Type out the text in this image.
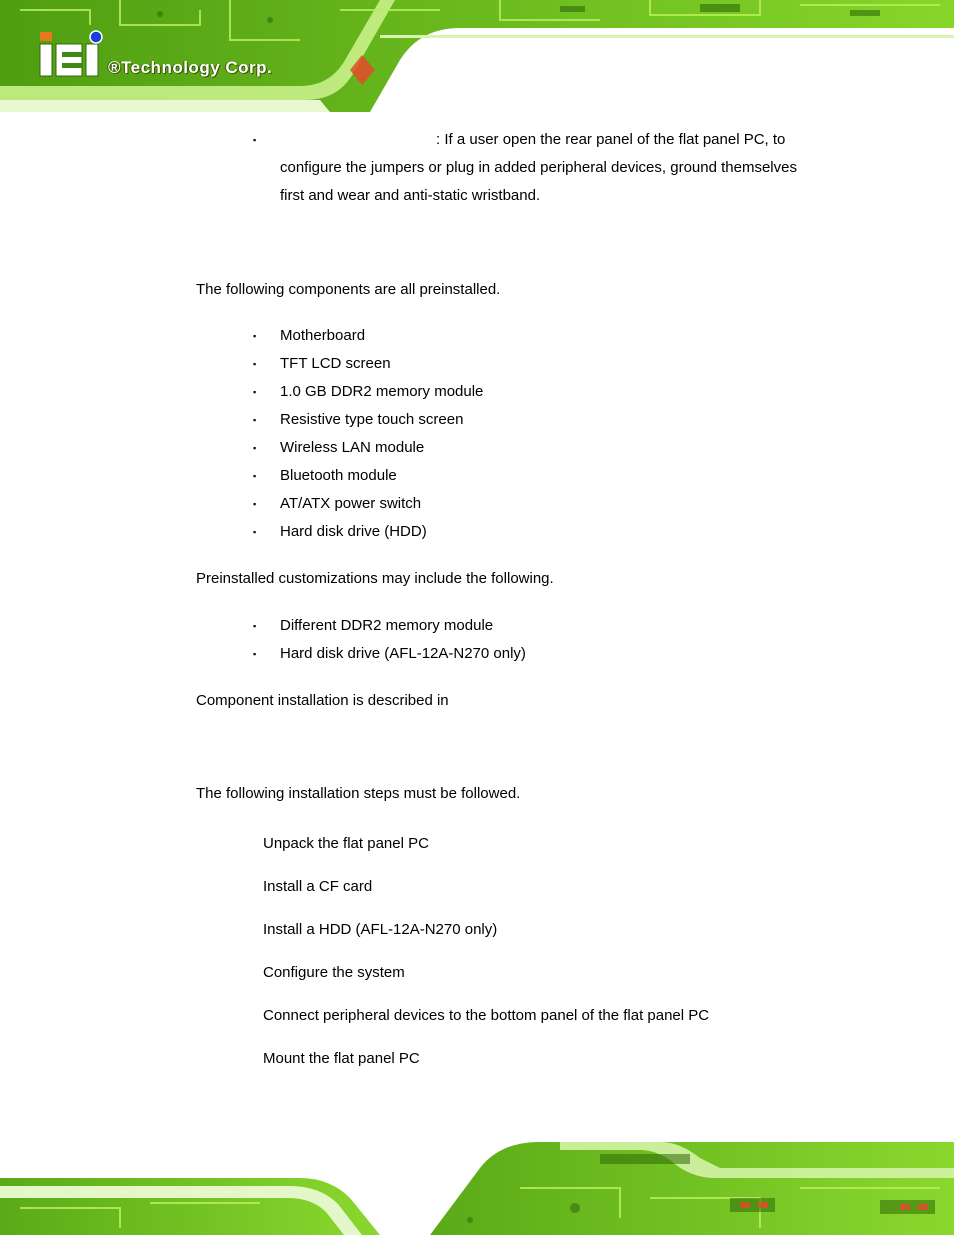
®Technology Corp.
▪	: If a user open the rear panel of the flat panel PC, to
configure the jumpers or plug in added peripheral devices, ground themselves
first and wear and anti-static wristband.
The following components are all preinstalled.
▪ Motherboard
▪ TFT LCD screen
▪ 1.0 GB DDR2 memory module
▪ Resistive type touch screen
▪ Wireless LAN module
▪ Bluetooth module
▪ AT/ATX power switch
▪ Hard disk drive (HDD)
Preinstalled customizations may include the following.
▪ Different DDR2 memory module
▪ Hard disk drive (AFL-12A-N270 only)
Component installation is described in
The following installation steps must be followed.
Unpack the flat panel PC
Install a CF card
Install a HDD (AFL-12A-N270 only)
Configure the system
Connect peripheral devices to the bottom panel of the flat panel PC
Mount the flat panel PC
